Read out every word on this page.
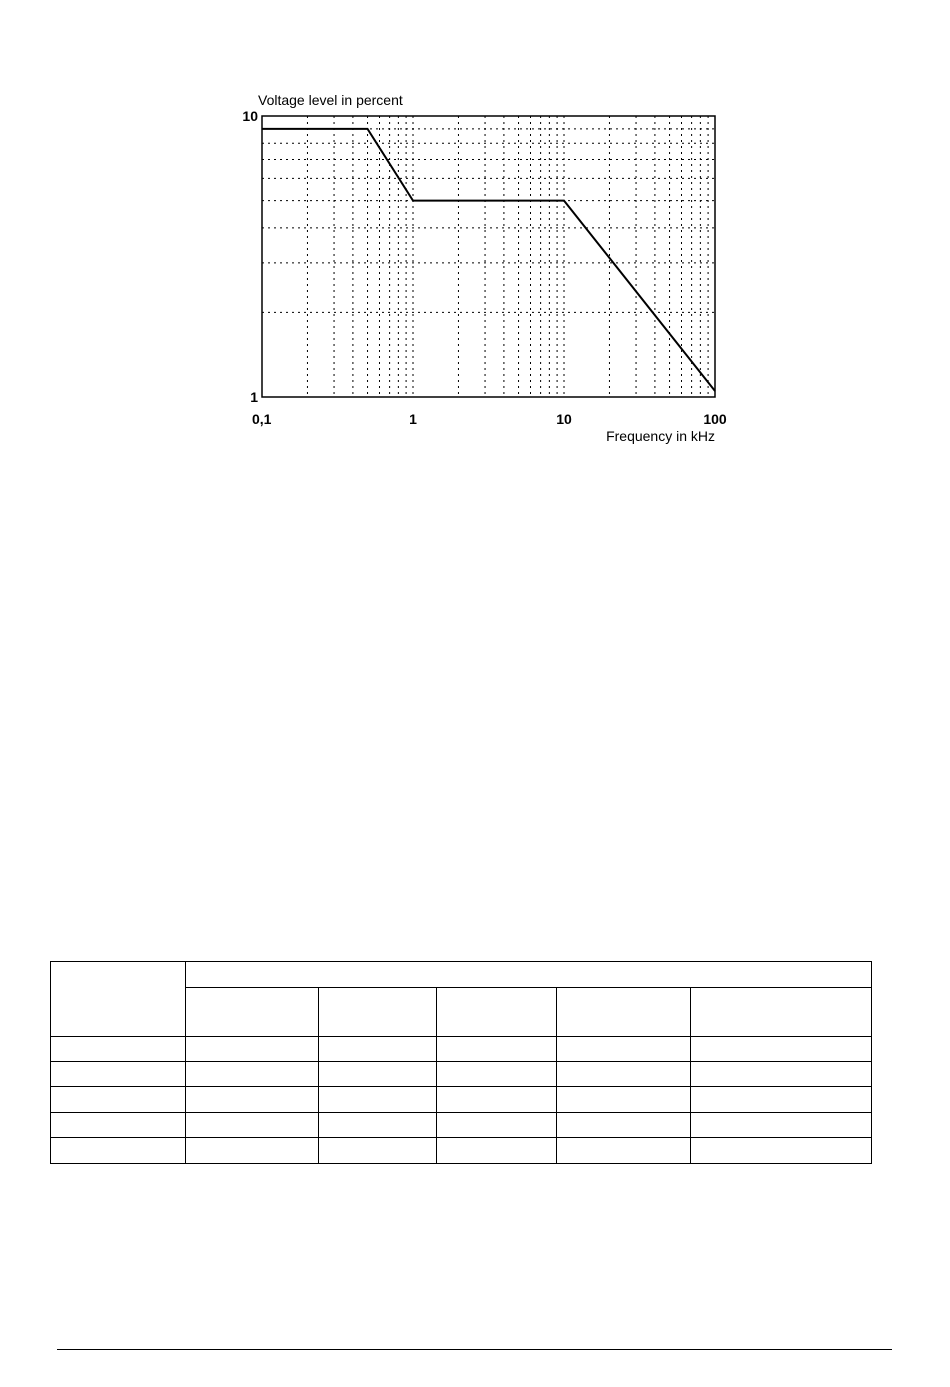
0,1	1	10	100
1
10
Voltage level in percent
Frequency in kHz
